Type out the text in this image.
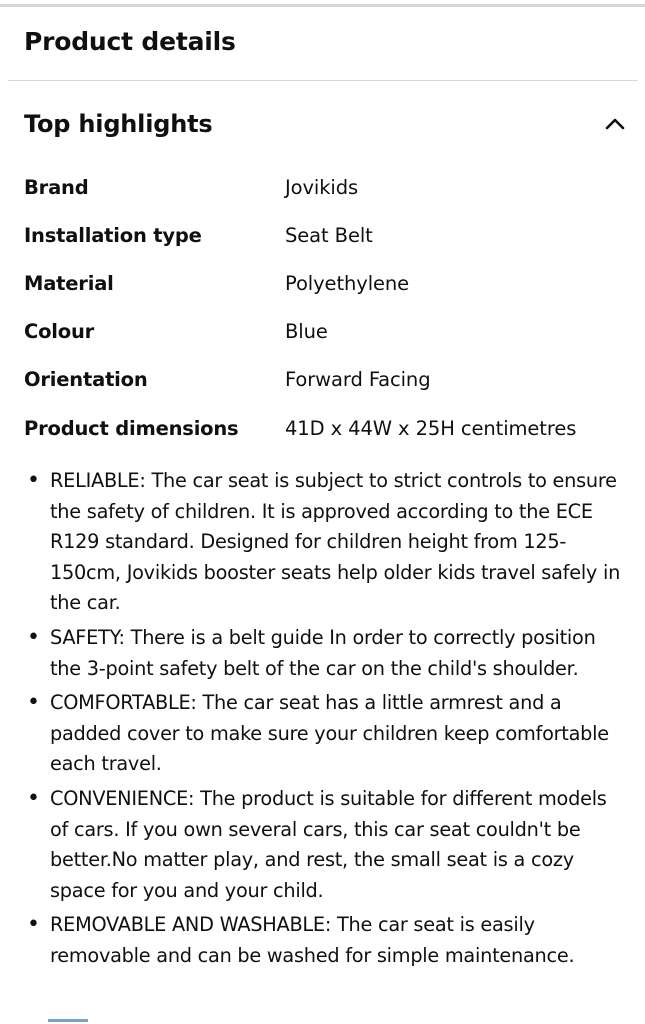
Product details
Top highlights
Brand	Jovikids
Installation type	Seat Belt
Material	Polyethylene
Colour	Blue
Orientation	Forward Facing
Product dimensions	41D x 44W x 25H centimetres
• RELIABLE: The car seat is subject to strict controls to ensure the safety of children. It is approved according to the ECE R129 standard. Designed for children height from 125-150cm, Jovikids booster seats help older kids travel safely in the car.
• SAFETY: There is a belt guide In order to correctly position the 3-point safety belt of the car on the child's shoulder.
• COMFORTABLE: The car seat has a little armrest and a padded cover to make sure your children keep comfortable each travel.
• CONVENIENCE: The product is suitable for different models of cars. If you own several cars, this car seat couldn't be better.No matter play, and rest, the small seat is a cozy space for you and your child.
• REMOVABLE AND WASHABLE: The car seat is easily removable and can be washed for simple maintenance.
